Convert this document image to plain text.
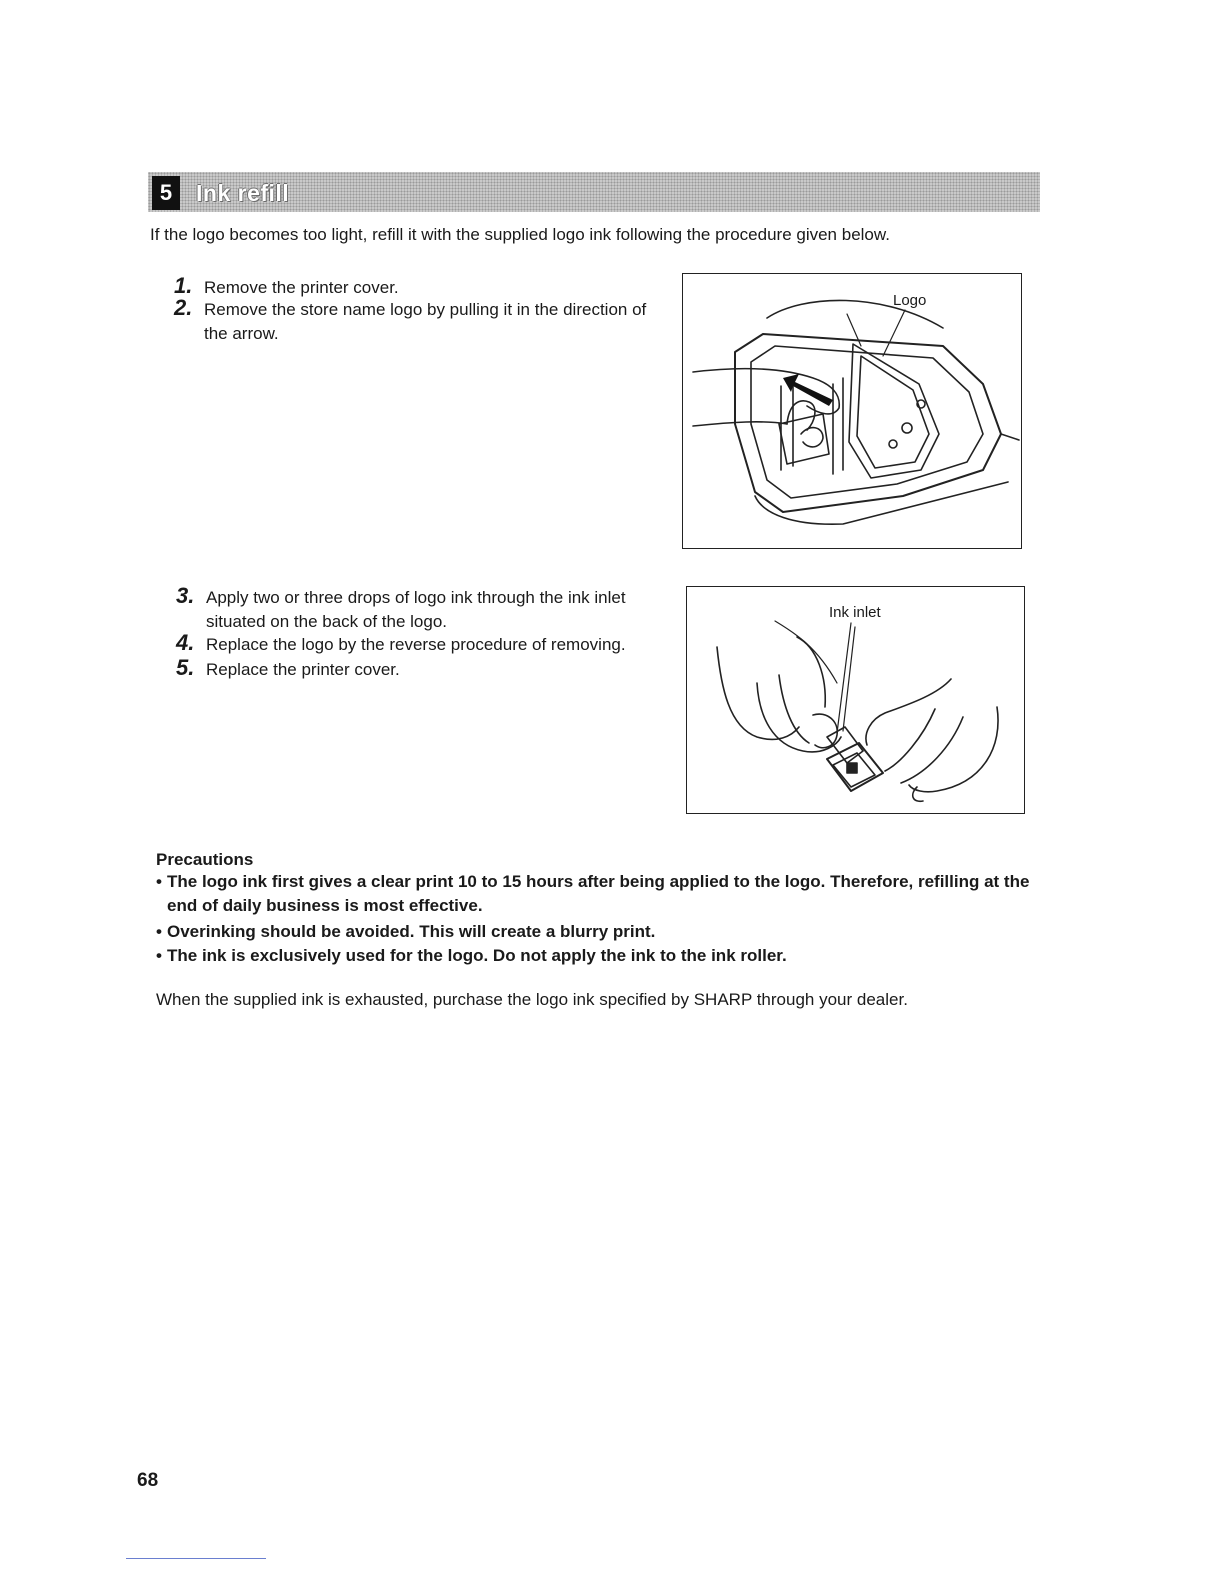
5	Ink refill
If the logo becomes too light, refill it with the supplied logo ink following the procedure given below.
1. Remove the printer cover.
2. Remove the store name logo by pulling it in the direction of the arrow.
Logo
3. Apply two or three drops of logo ink through the ink inlet situated on the back of the logo.
4. Replace the logo by the reverse procedure of removing.
5. Replace the printer cover.
Ink inlet
Precautions
• The logo ink first gives a clear print 10 to 15 hours after being applied to the logo. Therefore, refilling at the end of daily business is most effective.
• Overinking should be avoided. This will create a blurry print.
• The ink is exclusively used for the logo. Do not apply the ink to the ink roller.
When the supplied ink is exhausted, purchase the logo ink specified by SHARP through your dealer.
68
